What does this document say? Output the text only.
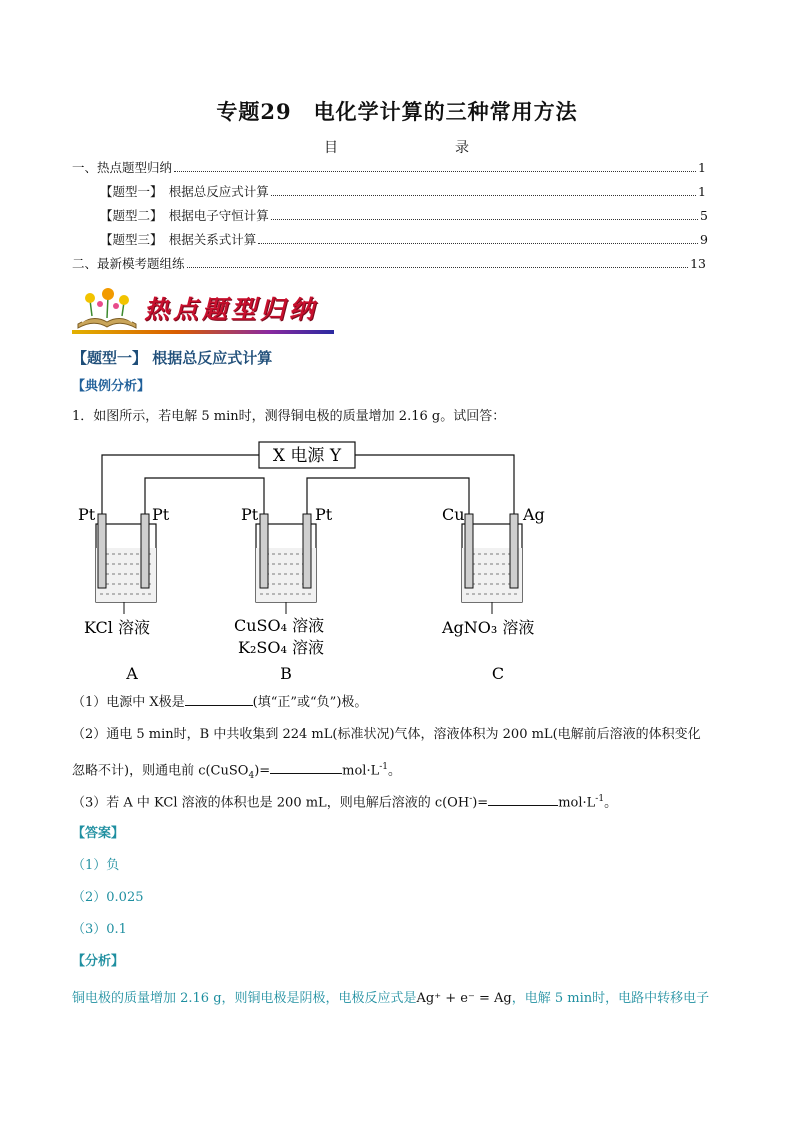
专题29　电化学计算的三种常用方法
目	录
一、热点题型归纳	1
【题型一】　根据总反应式计算	1
【题型二】　根据电子守恒计算	5
【题型三】　根据关系式计算	9
二、最新模考题组练	13
热点题型归纳
【题型一】 根据总反应式计算
【典例分析】
1．如图所示，若电解 5 min时，测得铜电极的质量增加 2.16 g。试回答：
X 电源 Y
Pt	Pt
KCl 溶液
A
Pt	Pt
CuSO₄ 溶液
K₂SO₄ 溶液
B
Cu	Ag
AgNO₃ 溶液
C
（1）电源中 X极是	(填“正”或“负”)极。
（2）通电 5 min时，B 中共收集到 224 mL(标准状况)气体，溶液体积为 200 mL(电解前后溶液的体积变化
忽略不计)，则通电前 c(CuSO$_4$)=	$mol\cdot L^{-1}$。
（3）若 A 中 KCl 溶液的体积也是 200 mL，则电解后溶液的 c(OH-)=	$mol\cdot L^{-1}$。
【答案】
（1）负
（2）0.025
（3）0.1
【分析】
铜电极的质量增加 2.16 g，则铜电极是阴极，电极反应式是Ag⁺ + e⁻ = Ag，电解 5 min时，电路中转移电子
